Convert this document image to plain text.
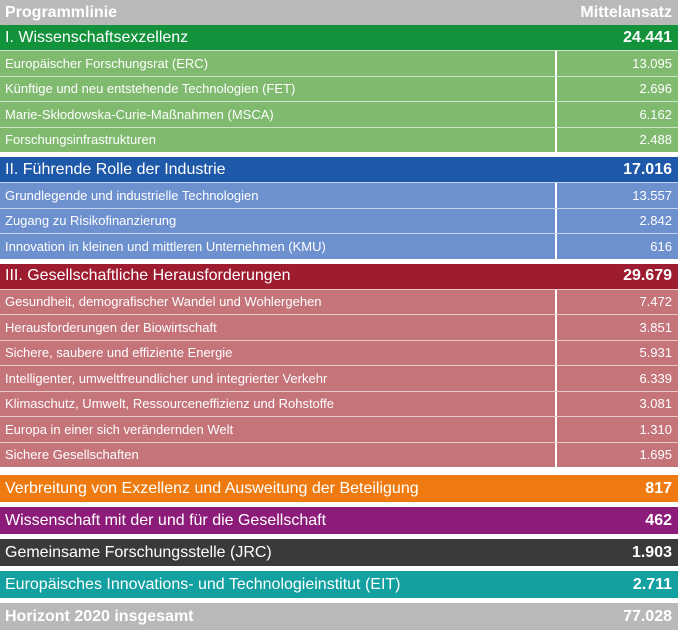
Programmlinie	Mittelansatz
I. Wissenschaftsexzellenz	24.441
Europäischer Forschungsrat (ERC)	13.095
Künftige und neu entstehende Technologien (FET)	2.696
Marie-Skłodowska-Curie-Maßnahmen (MSCA)	6.162
Forschungsinfrastrukturen	2.488
II. Führende Rolle der Industrie	17.016
Grundlegende und industrielle Technologien	13.557
Zugang zu Risikofinanzierung	2.842
Innovation in kleinen und mittleren Unternehmen (KMU)	616
III. Gesellschaftliche Herausforderungen	29.679
Gesundheit, demografischer Wandel und Wohlergehen	7.472
Herausforderungen der Biowirtschaft	3.851
Sichere, saubere und effiziente Energie	5.931
Intelligenter, umweltfreundlicher und integrierter Verkehr	6.339
Klimaschutz, Umwelt, Ressourceneffizienz und Rohstoffe	3.081
Europa in einer sich verändernden Welt	1.310
Sichere Gesellschaften	1.695
Verbreitung von Exzellenz und Ausweitung der Beteiligung	817
Wissenschaft mit der und für die Gesellschaft	462
Gemeinsame Forschungsstelle (JRC)	1.903
Europäisches Innovations- und Technologieinstitut (EIT)	2.711
Horizont 2020 insgesamt	77.028
